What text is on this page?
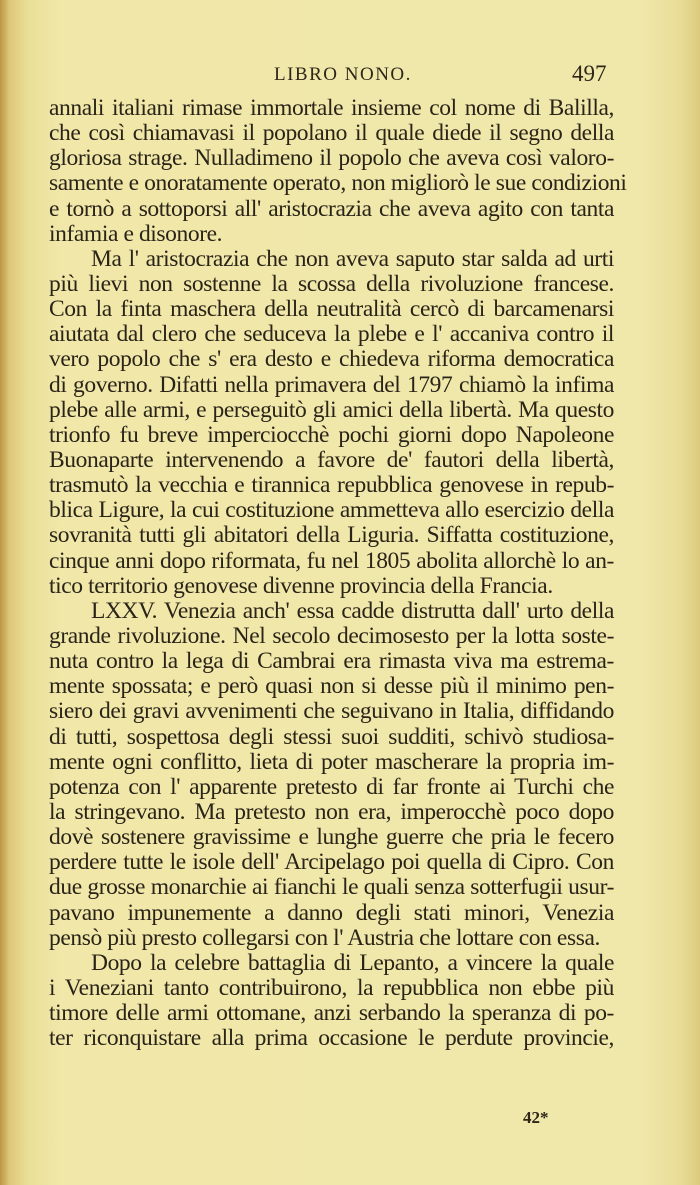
LIBRO NONO.	497
annali italiani rimase immortale insieme col nome di Balilla,
che così chiamavasi il popolano il quale diede il segno della
gloriosa strage. Nulladimeno il popolo che aveva così valoro-
samente e onoratamente operato, non migliorò le sue condizioni
e tornò a sottoporsi all' aristocrazia che aveva agito con tanta
infamia e disonore.
Ma l' aristocrazia che non aveva saputo star salda ad urti
più lievi non sostenne la scossa della rivoluzione francese.
Con la finta maschera della neutralità cercò di barcamenarsi
aiutata dal clero che seduceva la plebe e l' accaniva contro il
vero popolo che s' era desto e chiedeva riforma democratica
di governo. Difatti nella primavera del 1797 chiamò la infima
plebe alle armi, e perseguitò gli amici della libertà. Ma questo
trionfo fu breve imperciocchè pochi giorni dopo Napoleone
Buonaparte intervenendo a favore de' fautori della libertà,
trasmutò la vecchia e tirannica repubblica genovese in repub-
blica Ligure, la cui costituzione ammetteva allo esercizio della
sovranità tutti gli abitatori della Liguria. Siffatta costituzione,
cinque anni dopo riformata, fu nel 1805 abolita allorchè lo an-
tico territorio genovese divenne provincia della Francia.
LXXV. Venezia anch' essa cadde distrutta dall' urto della
grande rivoluzione. Nel secolo decimosesto per la lotta soste-
nuta contro la lega di Cambrai era rimasta viva ma estrema-
mente spossata; e però quasi non si desse più il minimo pen-
siero dei gravi avvenimenti che seguivano in Italia, diffidando
di tutti, sospettosa degli stessi suoi sudditi, schivò studiosa-
mente ogni conflitto, lieta di poter mascherare la propria im-
potenza con l' apparente pretesto di far fronte ai Turchi che
la stringevano. Ma pretesto non era, imperocchè poco dopo
dovè sostenere gravissime e lunghe guerre che pria le fecero
perdere tutte le isole dell' Arcipelago poi quella di Cipro. Con
due grosse monarchie ai fianchi le quali senza sotterfugii usur-
pavano impunemente a danno degli stati minori, Venezia
pensò più presto collegarsi con l' Austria che lottare con essa.
Dopo la celebre battaglia di Lepanto, a vincere la quale
i Veneziani tanto contribuirono, la repubblica non ebbe più
timore delle armi ottomane, anzi serbando la speranza di po-
ter riconquistare alla prima occasione le perdute provincie,
42*
